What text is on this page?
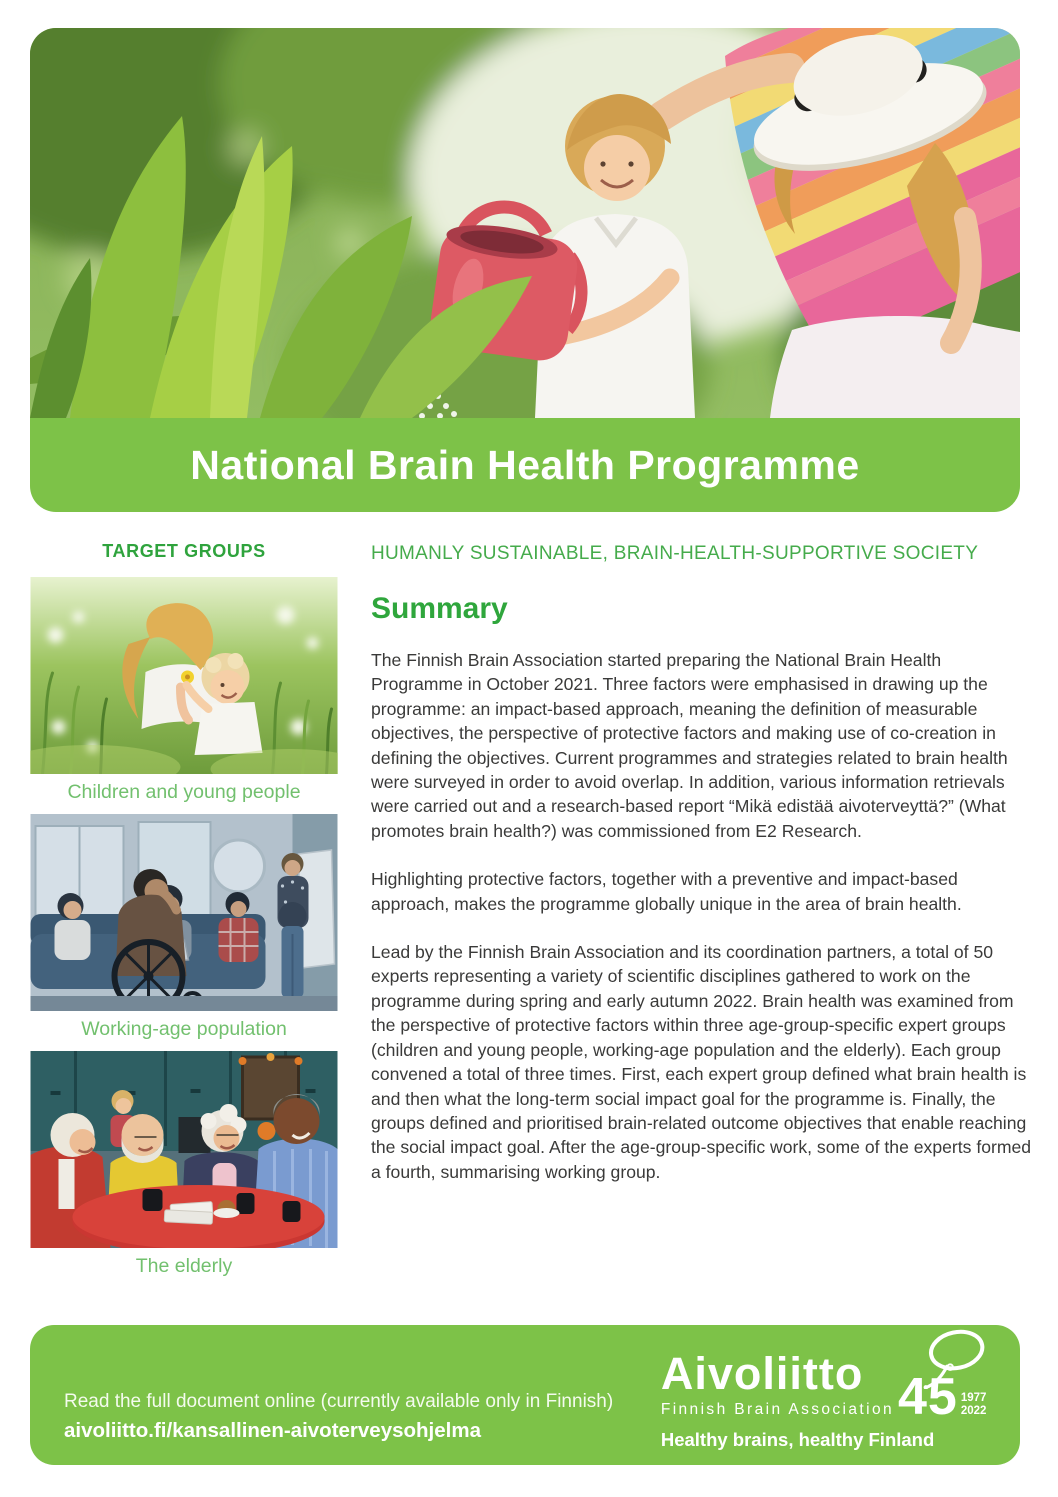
National Brain Health Programme
TARGET GROUPS
Children and young people
Working-age population
The elderly
HUMANLY SUSTAINABLE, BRAIN-HEALTH-SUPPORTIVE SOCIETY
Summary

The Finnish Brain Association started preparing the National Brain Health Programme in October 2021. Three factors were emphasised in drawing up the programme: an impact-based approach, meaning the definition of measurable objectives, the perspective of protective factors and making use of co-creation in defining the objectives. Current programmes and strategies related to brain health were surveyed in order to avoid overlap. In addition, various information retrievals were carried out and a research-based report “Mikä edistää aivoterveyttä?” (What promotes brain health?) was commissioned from E2 Research.

Highlighting protective factors, together with a preventive and impact-based approach, makes the programme globally unique in the area of brain health.

Lead by the Finnish Brain Association and its coordination partners, a total of 50 experts representing a variety of scientific disciplines gathered to work on the programme during spring and early autumn 2022. Brain health was examined from the perspective of protective factors within three age-group-specific expert groups (children and young people, working-age population and the elderly). Each group convened a total of three times. First, each expert group defined what brain health is and then what the long-term social impact goal for the programme is. Finally, the groups defined and prioritised brain-related outcome objectives that enable reaching the social impact goal. After the age-group-specific work, some of the experts formed a fourth, summarising working group.

Read the full document online (currently available only in Finnish)
aivoliitto.fi/kansallinen-aivoterveysohjelma
Aivoliitto
Finnish Brain Association 45 1977
2022
Healthy brains, healthy Finland
